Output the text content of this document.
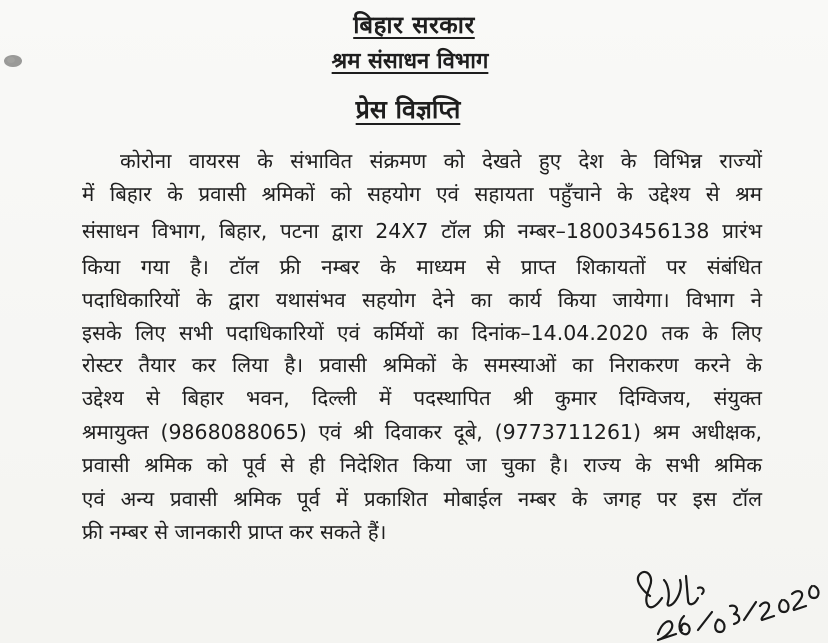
बिहार सरकार
श्रम संसाधन विभाग
प्रेस विज्ञप्ति
कोरोना वायरस के संभावित संक्रमण को देखते हुए देश के विभिन्न राज्यों
में बिहार के प्रवासी श्रमिकों को सहयोग एवं सहायता पहुँचाने के उद्देश्य से श्रम
संसाधन विभाग, बिहार, पटना द्वारा 24X7 टॉल फ्री नम्बर–18003456138 प्रारंभ
किया गया है। टॉल फ्री नम्बर के माध्यम से प्राप्त शिकायतों पर संबंधित
पदाधिकारियों के द्वारा यथासंभव सहयोग देने का कार्य किया जायेगा। विभाग ने
इसके लिए सभी पदाधिकारियों एवं कर्मियों का दिनांक–14.04.2020 तक के लिए
रोस्टर तैयार कर लिया है। प्रवासी श्रमिकों के समस्याओं का निराकरण करने के
उद्देश्य से बिहार भवन, दिल्ली में पदस्थापित श्री कुमार दिग्विजय, संयुक्त
श्रमायुक्त (9868088065) एवं श्री दिवाकर दूबे, (9773711261) श्रम अधीक्षक,
प्रवासी श्रमिक को पूर्व से ही निदेशित किया जा चुका है। राज्य के सभी श्रमिक
एवं अन्य प्रवासी श्रमिक पूर्व में प्रकाशित मोबाईल नम्बर के जगह पर इस टॉल
फ्री नम्बर से जानकारी प्राप्त कर सकते हैं।
